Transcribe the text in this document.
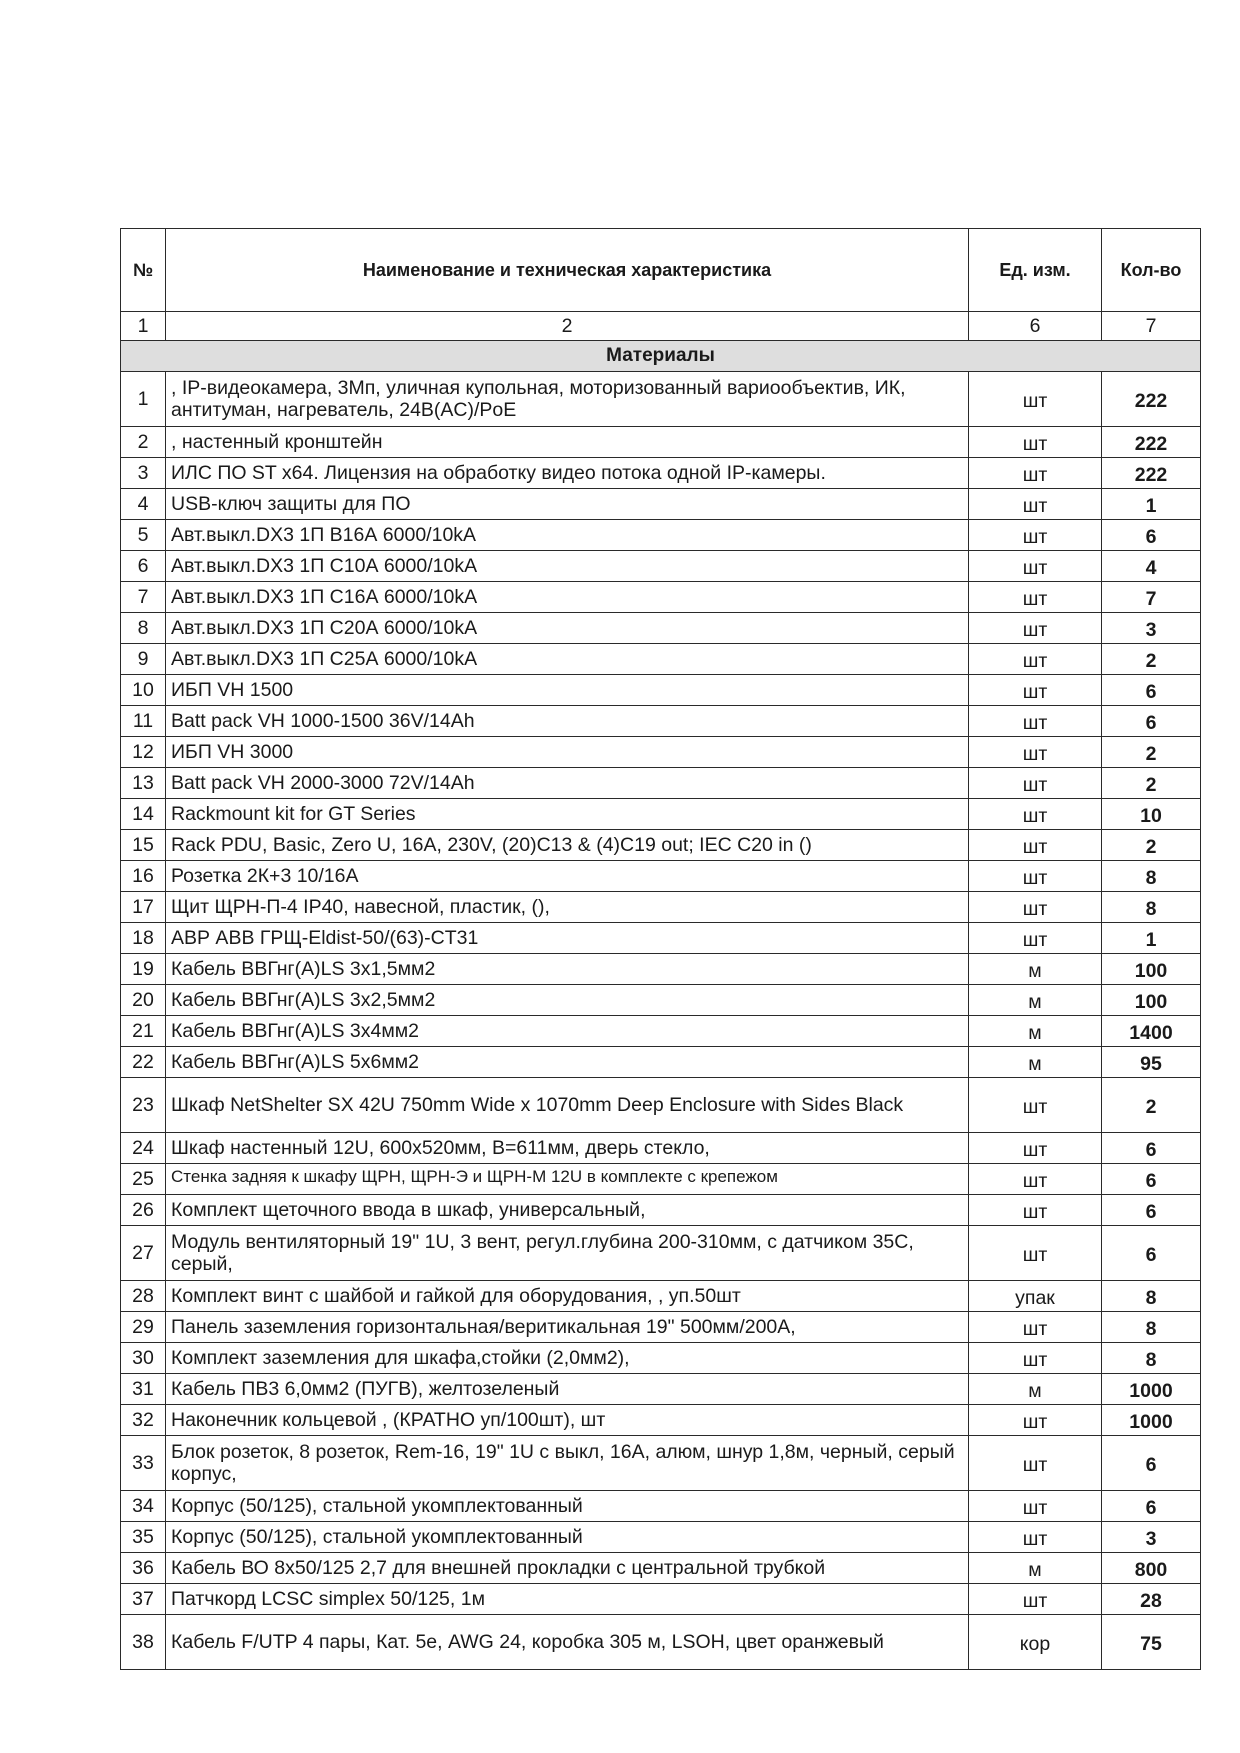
№	Наименование и техническая характеристика	Ед. изм.	Кол-во
1	2	6	7
Материалы			
1	, IP-видеокамера, 3Мп, уличная купольная, моторизованный вариообъектив, ИК, антитуман, нагреватель, 24В(AC)/PoE	шт	222
2	, настенный кронштейн	шт	222
3	ИЛС ПО ST x64. Лицензия на обработку видео потока одной IP-камеры.	шт	222
4	USB-ключ защиты для ПО	шт	1
5	Авт.выкл.DX3 1П В16А 6000/10kA	шт	6
6	Авт.выкл.DX3 1П С10А 6000/10kA	шт	4
7	Авт.выкл.DX3 1П С16А 6000/10kA	шт	7
8	Авт.выкл.DX3 1П С20А 6000/10kA	шт	3
9	Авт.выкл.DX3 1П С25А 6000/10kA	шт	2
10	ИБП VH 1500	шт	6
11	Batt pack VH 1000-1500 36V/14Ah	шт	6
12	ИБП VH 3000	шт	2
13	Batt pack VH 2000-3000 72V/14Ah	шт	2
14	Rackmount kit for GT Series	шт	10
15	Rack PDU, Basic, Zero U, 16A, 230V, (20)C13 & (4)C19 out; IEC C20 in ()	шт	2
16	Розетка 2К+3 10/16А	шт	8
17	Щит ЩРН-П-4 IP40, навесной, пластик, (),	шт	8
18	АВР ABB ГРЩ-Eldist-50/(63)-CT31	шт	1
19	Кабель ВВГнг(А)LS 3х1,5мм2	м	100
20	Кабель ВВГнг(А)LS 3х2,5мм2	м	100
21	Кабель ВВГнг(А)LS 3х4мм2	м	1400
22	Кабель ВВГнг(А)LS 5х6мм2	м	95
23	Шкаф NetShelter SX 42U 750mm Wide x 1070mm Deep Enclosure with Sides Black	шт	2
24	Шкаф настенный 12U, 600х520мм, В=611мм, дверь стекло,	шт	6
25	Стенка задняя к шкафу ЩРН, ЩРН-Э и ЩРН-М 12U в комплекте с крепежом	шт	6
26	Комплект щеточного ввода в шкаф, универсальный,	шт	6
27	Модуль вентиляторный 19" 1U, 3 вент, регул.глубина 200-310мм, с датчиком 35С, серый,	шт	6
28	Комплект винт с шайбой и гайкой для оборудования, , уп.50шт	упак	8
29	Панель заземления горизонтальная/веритикальная 19" 500мм/200А,	шт	8
30	Комплект заземления для шкафа,стойки (2,0мм2),	шт	8
31	Кабель ПВ3 6,0мм2 (ПУГВ), желтозеленый	м	1000
32	Наконечник кольцевой , (КРАТНО уп/100шт), шт	шт	1000
33	Блок розеток, 8 розеток, Rem-16, 19" 1U с выкл, 16А, алюм, шнур 1,8м, черный, серый корпус,	шт	6
34	Корпус (50/125), стальной укомплектованный	шт	6
35	Корпус (50/125), стальной укомплектованный	шт	3
36	Кабель ВО 8х50/125 2,7 для внешней прокладки с центральной трубкой	м	800
37	Патчкорд LCSC simplex 50/125, 1м	шт	28
38	Кабель F/UTP 4 пары, Кат. 5е, AWG 24, коробка 305 м, LSOH, цвет оранжевый	кор	75
